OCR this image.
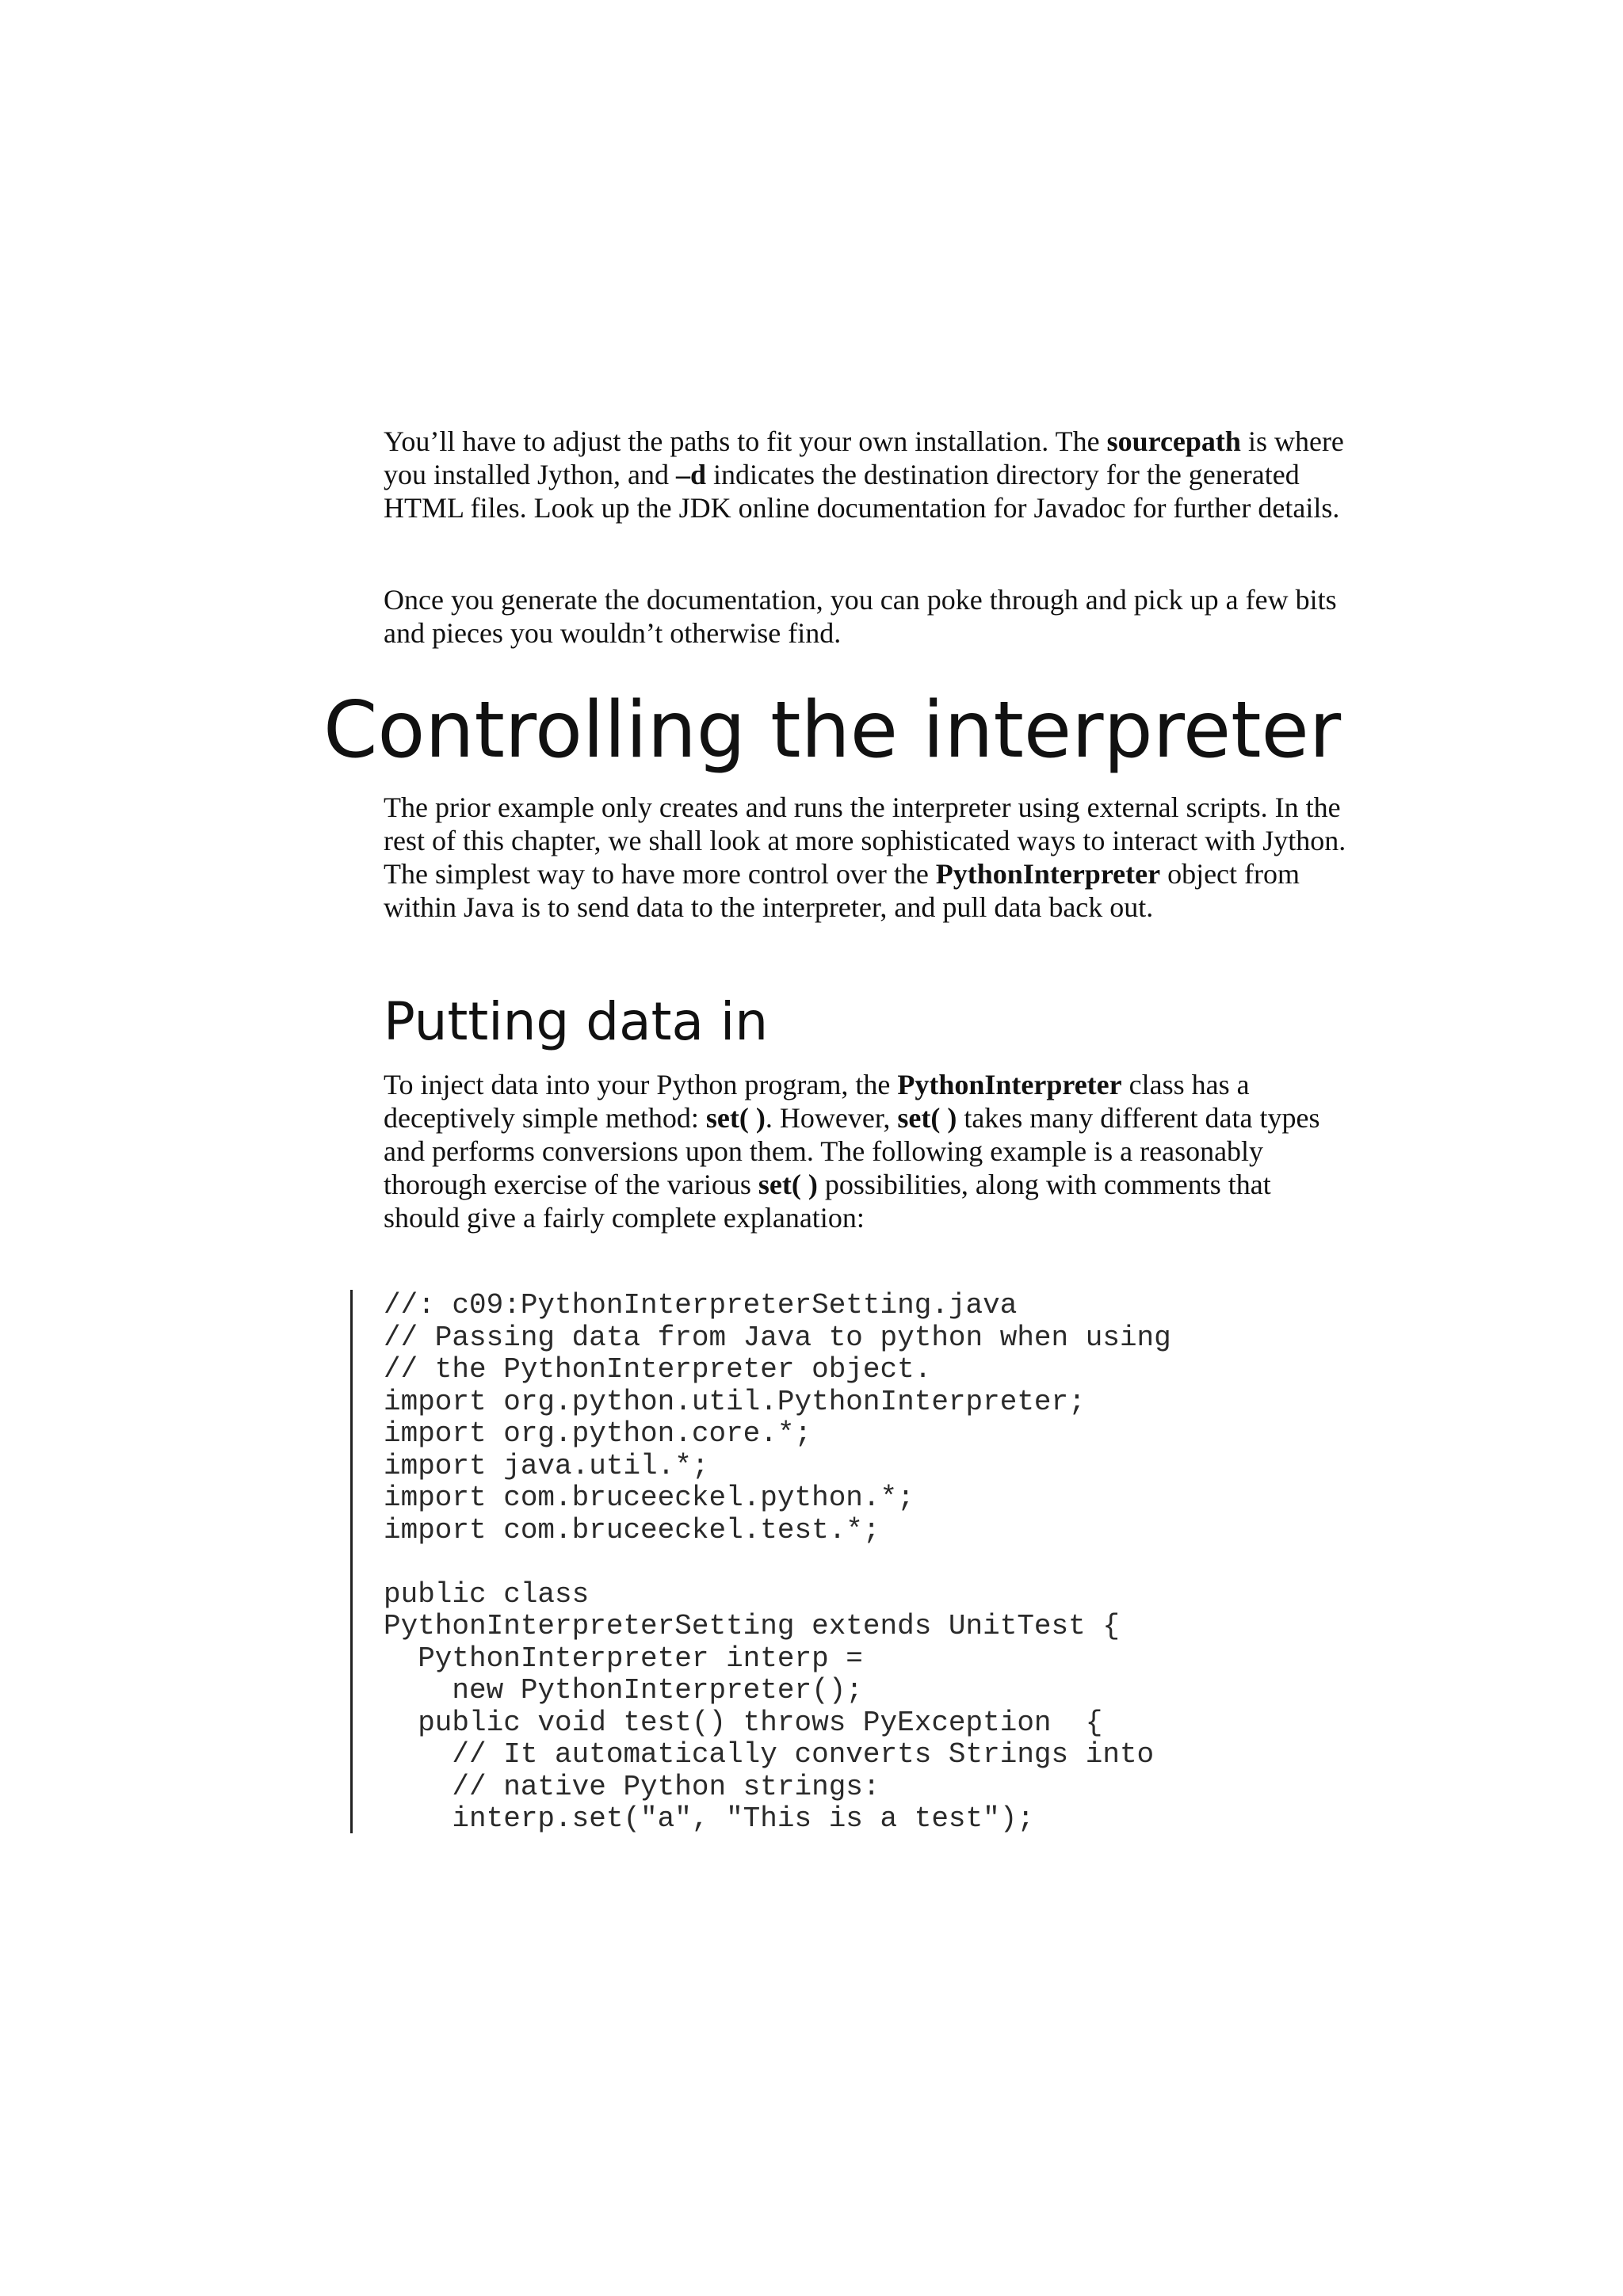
You’ll have to adjust the paths to fit your own installation. The sourcepath is where you installed Jython, and –d indicates the destination directory for the generated HTML files. Look up the JDK online documentation for Javadoc for further details.

Once you generate the documentation, you can poke through and pick up a few bits and pieces you wouldn’t otherwise find.

Controlling the interpreter

The prior example only creates and runs the interpreter using external scripts. In the rest of this chapter, we shall look at more sophisticated ways to interact with Jython. The simplest way to have more control over the PythonInterpreter object from within Java is to send data to the interpreter, and pull data back out.

Putting data in

To inject data into your Python program, the PythonInterpreter class has a deceptively simple method: set( ). However, set( ) takes many different data types and performs conversions upon them. The following example is a reasonably thorough exercise of the various set( ) possibilities, along with comments that should give a fairly complete explanation:

//: c09:PythonInterpreterSetting.java
// Passing data from Java to python when using
// the PythonInterpreter object.
import org.python.util.PythonInterpreter;
import org.python.core.*;
import java.util.*;
import com.bruceeckel.python.*;
import com.bruceeckel.test.*;
public class
PythonInterpreterSetting extends UnitTest {
PythonInterpreter interp =
new PythonInterpreter();
public void test() throws PyException  {
// It automatically converts Strings into
// native Python strings:
interp.set("a", "This is a test");
